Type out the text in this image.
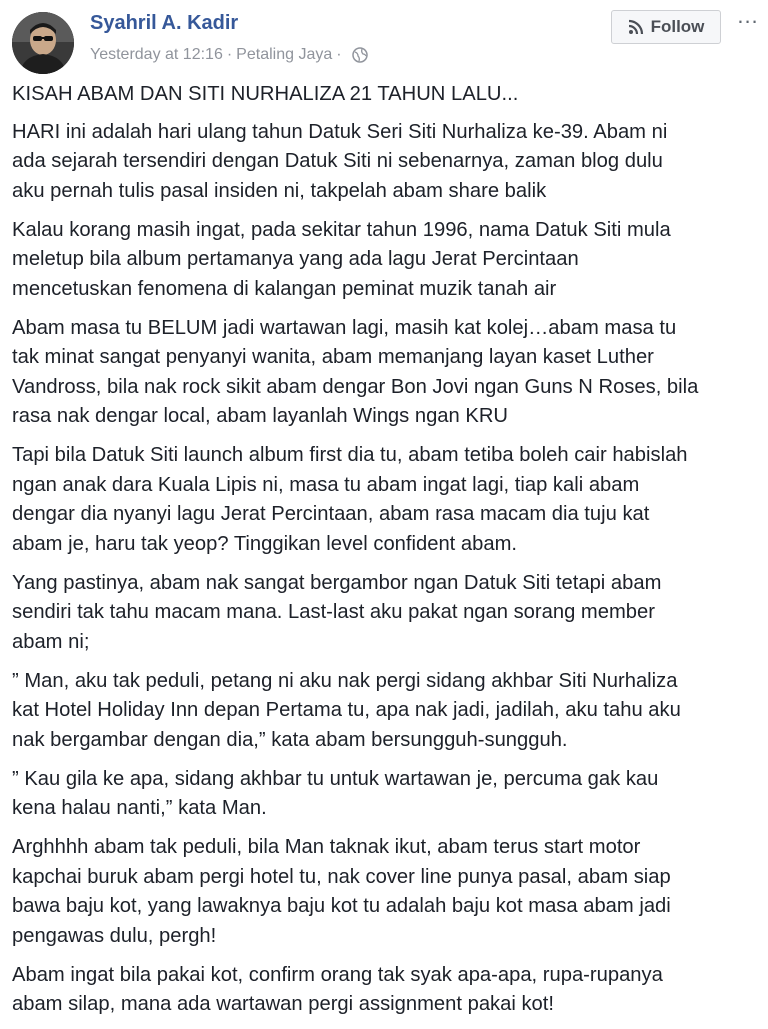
Syahril A. Kadir
Yesterday at 12:16 · Petaling Jaya ·
Follow ...

KISAH ABAM DAN SITI NURHALIZA 21 TAHUN LALU...

HARI ini adalah hari ulang tahun Datuk Seri Siti Nurhaliza ke-39. Abam ni
ada sejarah tersendiri dengan Datuk Siti ni sebenarnya, zaman blog dulu
aku pernah tulis pasal insiden ni, takpelah abam share balik

Kalau korang masih ingat, pada sekitar tahun 1996, nama Datuk Siti mula
meletup bila album pertamanya yang ada lagu Jerat Percintaan
mencetuskan fenomena di kalangan peminat muzik tanah air

Abam masa tu BELUM jadi wartawan lagi, masih kat kolej…abam masa tu
tak minat sangat penyanyi wanita, abam memanjang layan kaset Luther
Vandross, bila nak rock sikit abam dengar Bon Jovi ngan Guns N Roses, bila
rasa nak dengar local, abam layanlah Wings ngan KRU

Tapi bila Datuk Siti launch album first dia tu, abam tetiba boleh cair habislah
ngan anak dara Kuala Lipis ni, masa tu abam ingat lagi, tiap kali abam
dengar dia nyanyi lagu Jerat Percintaan, abam rasa macam dia tuju kat
abam je, haru tak yeop? Tinggikan level confident abam.

Yang pastinya, abam nak sangat bergambor ngan Datuk Siti tetapi abam
sendiri tak tahu macam mana. Last-last aku pakat ngan sorang member
abam ni;

” Man, aku tak peduli, petang ni aku nak pergi sidang akhbar Siti Nurhaliza
kat Hotel Holiday Inn depan Pertama tu, apa nak jadi, jadilah, aku tahu aku
nak bergambar dengan dia,” kata abam bersungguh-sungguh.

” Kau gila ke apa, sidang akhbar tu untuk wartawan je, percuma gak kau
kena halau nanti,” kata Man.

Arghhhh abam tak peduli, bila Man taknak ikut, abam terus start motor
kapchai buruk abam pergi hotel tu, nak cover line punya pasal, abam siap
bawa baju kot, yang lawaknya baju kot tu adalah baju kot masa abam jadi
pengawas dulu, pergh!

Abam ingat bila pakai kot, confirm orang tak syak apa-apa, rupa-rupanya
abam silap, mana ada wartawan pergi assignment pakai kot!
